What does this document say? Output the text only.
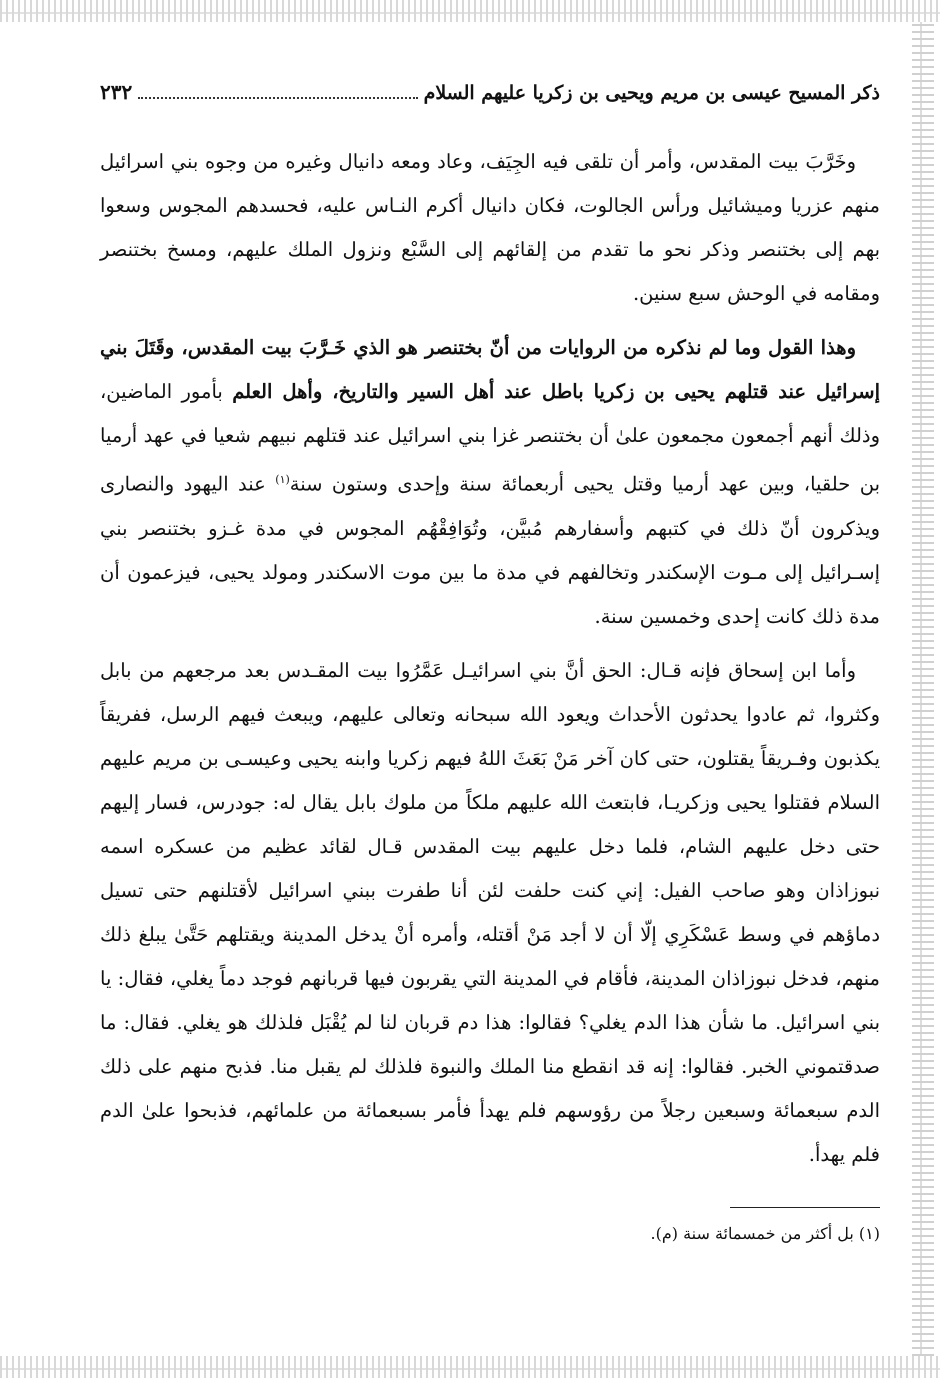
ذكر المسيح عيسى بن مريم ويحيى بن زكريا عليهم السلام
٢٣٢

وخَرَّبَ بيت المقدس، وأمر أن تلقى فيه الجِيَف، وعاد ومعه دانيال وغيره من وجوه بني اسرائيل منهم عزريا وميشائيل ورأس الجالوت، فكان دانيال أكرم النـاس عليه، فحسدهم المجوس وسعوا بهم إلى بختنصر وذكر نحو ما تقدم من إلقائهم إلى السَّبْع ونزول الملك عليهم، ومسخ بختنصر ومقامه في الوحش سبع سنين.

وهذا القول وما لم نذكره من الروايات من أنّ بختنصر هو الذي خَـرَّبَ بيت المقدس، وقَتَلَ بني إسرائيل عند قتلهم يحيى بن زكريا باطل عند أهل السير والتاريخ، وأهل العلم بأمور الماضين، وذلك أنهم أجمعون مجمعون علىٰ أن بختنصر غزا بني اسرائيل عند قتلهم نبيهم شعيا في عهد أرميا بن حلقيا، وبين عهد أرميا وقتل يحيى أربعمائة سنة وإحدى وستون سنة$^{(١)}$ عند اليهود والنصارى ويذكرون أنّ ذلك في كتبهم وأسفارهم مُبيَّن، وتُوَافِقْهُم المجوس في مدة غـزو بختنصر بني إسـرائيل إلى مـوت الإسكندر وتخالفهم في مدة ما بين موت الاسكندر ومولد يحيى، فيزعمون أن مدة ذلك كانت إحدى وخمسين سنة.

وأما ابن إسحاق فإنه قـال: الحق أنَّ بني اسرائيـل عَمَّرُوا بيت المقـدس بعد مرجعهم من بابل وكثروا، ثم عادوا يحدثون الأحداث ويعود الله سبحانه وتعالى عليهم، ويبعث فيهم الرسل، ففريقاً يكذبون وفـريقاً يقتلون، حتى كان آخر مَنْ بَعَثَ اللهُ فيهم زكريا وابنه يحيى وعيسـى بن مريم عليهم السلام فقتلوا يحيى وزكريـا، فابتعث الله عليهم ملكاً من ملوك بابل يقال له: جودرس، فسار إليهم حتى دخل عليهم الشام، فلما دخل عليهم بيت المقدس قـال لقائد عظيم من عسكره اسمه نبوزاذان وهو صاحب الفيل: إني كنت حلفت لئن أنا طفرت ببني اسرائيل لأقتلنهم حتى تسيل دماؤهم في وسط عَسْكَرِي إلّا أن لا أجد مَنْ أقتله، وأمره أنْ يدخل المدينة ويقتلهم حَتَّىٰ يبلغ ذلك منهم، فدخل نبوزاذان المدينة، فأقام في المدينة التي يقربون فيها قربانهم فوجد دماً يغلي، فقال: يا بني اسرائيل. ما شأن هذا الدم يغلي؟ فقالوا: هذا دم قربان لنا لم يُقْبَل فلذلك هو يغلي. فقال: ما صدقتموني الخبر. فقالوا: إنه قد انقطع منا الملك والنبوة فلذلك لم يقبل منا. فذبح منهم على ذلك الدم سبعمائة وسبعين رجلاً من رؤوسهم فلم يهدأ فأمر بسبعمائة من علمائهم، فذبحوا علىٰ الدم فلم يهدأ.

(١) بل أكثر من خمسمائة سنة (م).
